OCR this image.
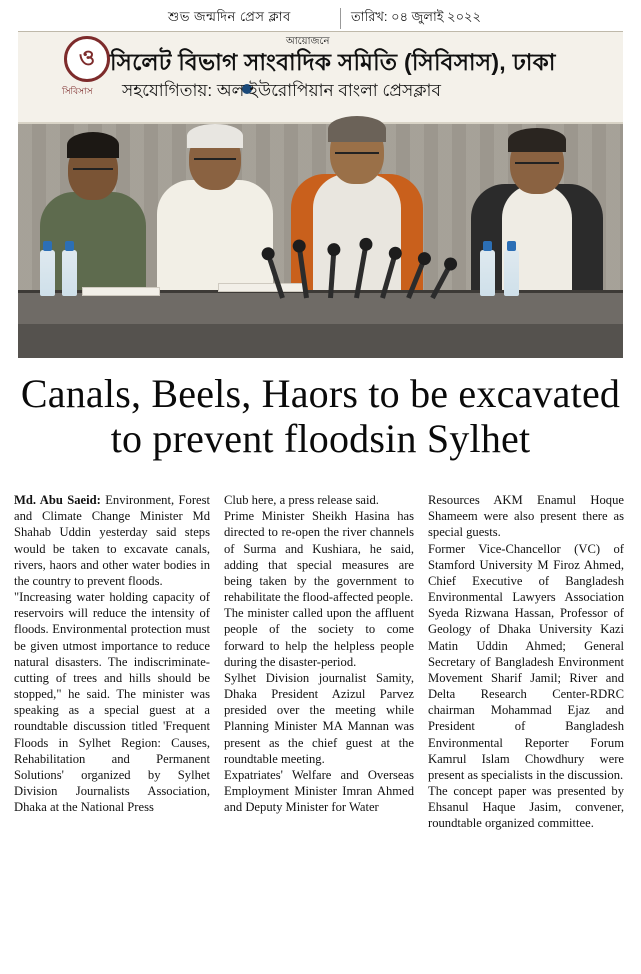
শুভ জন্মদিন প্রেস ক্লাব	তারিখ: ০৪ জুলাই ২০২২
ও
সিবিসাস
আয়োজনে
সিলেট বিভাগ সাংবাদিক সমিতি (সিবিসাস), ঢাকা
সহযোগিতায়: অল ইউরোপিয়ান বাংলা প্রেসক্লাব
Canals, Beels, Haors to be excavated
to prevent floodsin Sylhet

Md. Abu Saeid: Environment, Forest and Climate Change Minister Md Shahab Uddin yesterday said steps would be taken to excavate canals, rivers, haors and other water bodies in the country to prevent floods.

"Increasing water holding capacity of reservoirs will reduce the intensity of floods. Environmental protection must be given utmost importance to reduce natural disasters. The indiscriminate-cutting of trees and hills should be stopped," he said. The minister was speaking as a special guest at a roundtable discussion titled 'Frequent Floods in Sylhet Region: Causes, Rehabilitation and Permanent Solutions' organized by Sylhet Division Journalists Association, Dhaka at the National Press

Club here, a press release said.

Prime Minister Sheikh Hasina has directed to re-open the river channels of Surma and Kushiara, he said, adding that special measures are being taken by the government to rehabilitate the flood-affected people.

The minister called upon the affluent people of the society to come forward to help the helpless people during the disaster-period.

Sylhet Division journalist Samity, Dhaka President Azizul Parvez presided over the meeting while Planning Minister MA Mannan was present as the chief guest at the roundtable meeting.

Expatriates' Welfare and Overseas Employment Minister Imran Ahmed and Deputy Minister for Water

Resources AKM Enamul Hoque Shameem were also present there as special guests.

Former Vice-Chancellor (VC) of Stamford University M Firoz Ahmed, Chief Executive of Bangladesh Environmental Lawyers Association Syeda Rizwana Hassan, Professor of Geology of Dhaka University Kazi Matin Uddin Ahmed; General Secretary of Bangladesh Environment Movement Sharif Jamil; River and Delta Research Center-RDRC chairman Mohammad Ejaz and President of Bangladesh Environmental Reporter Forum Kamrul Islam Chowdhury were present as specialists in the discussion.

The concept paper was presented by Ehsanul Haque Jasim, convener, roundtable organized committee.
